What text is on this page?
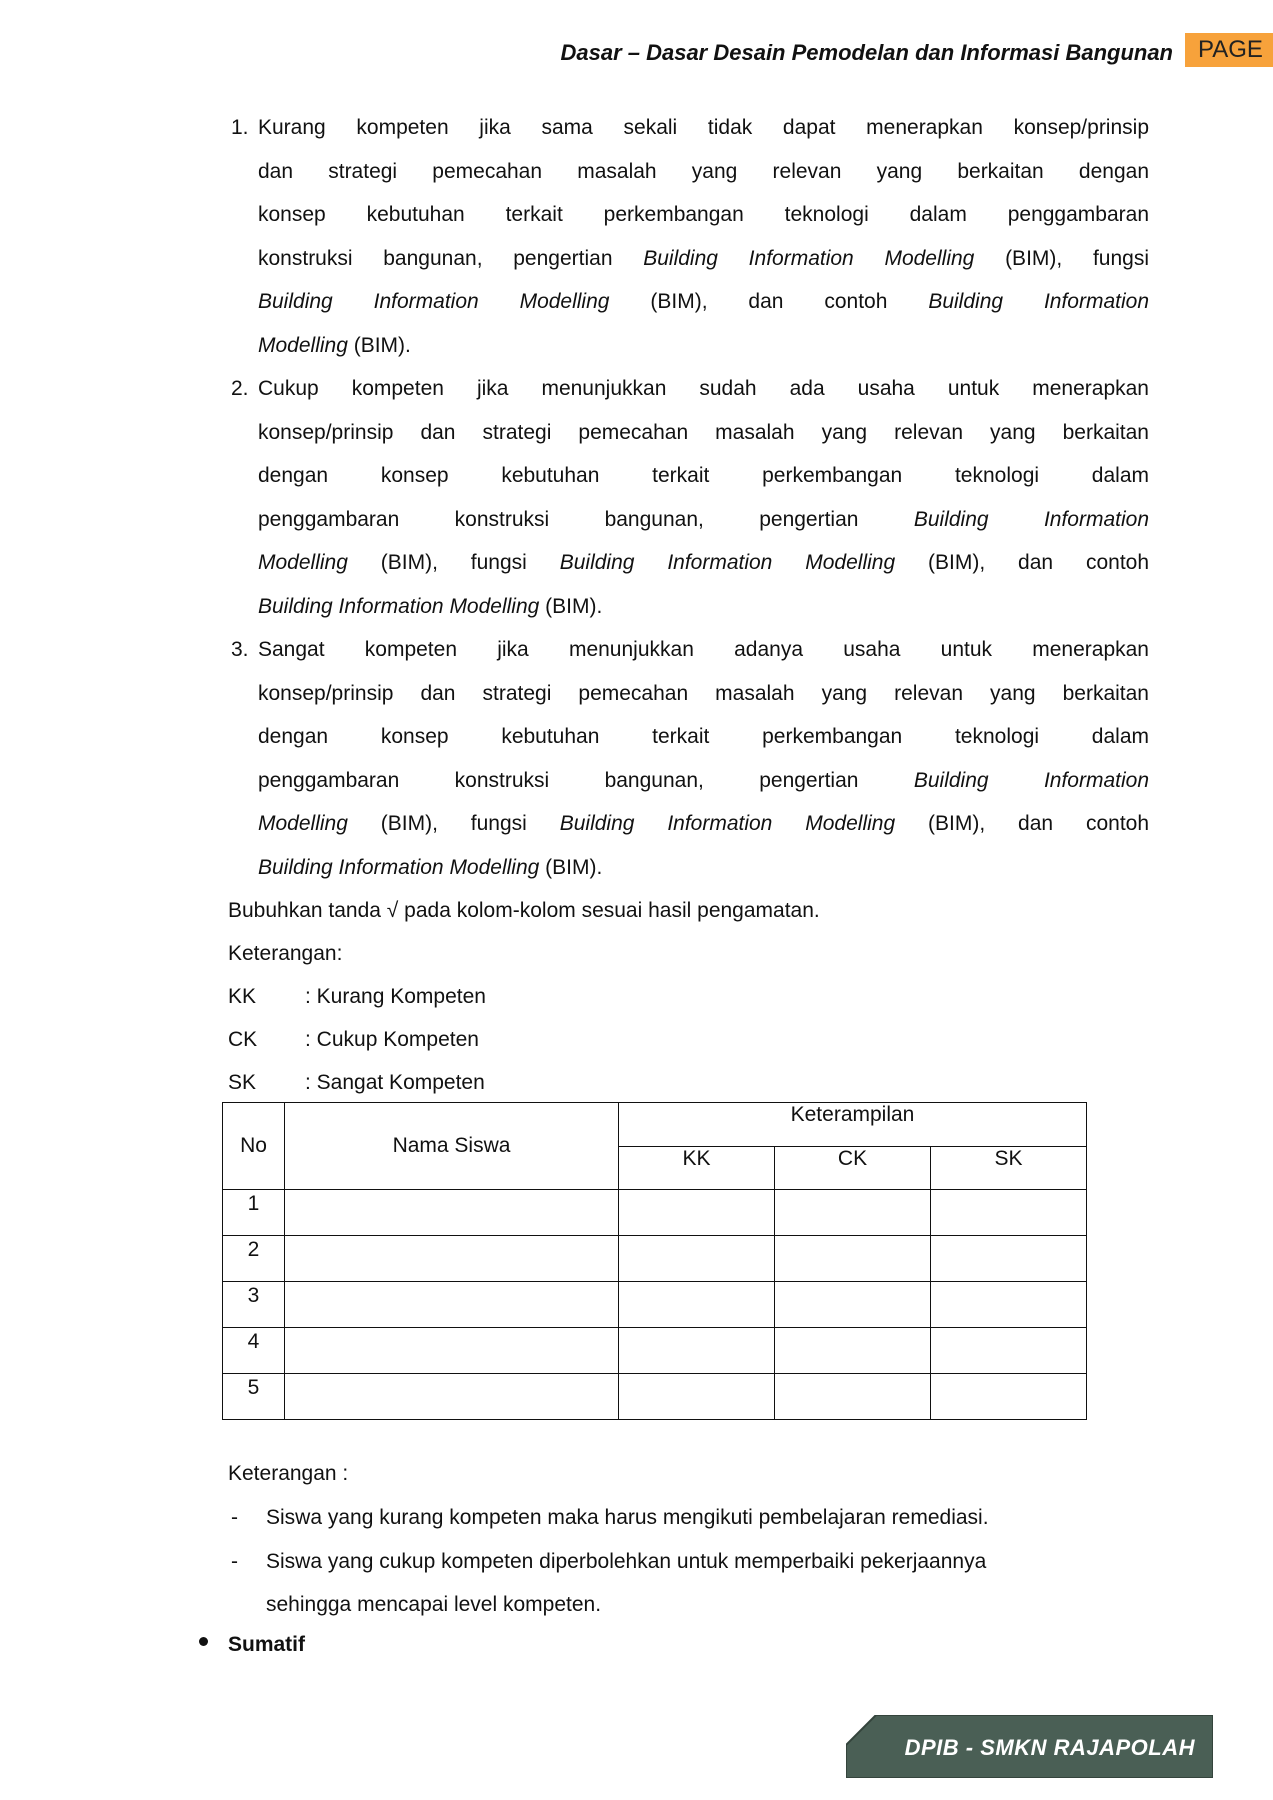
Dasar – Dasar Desain Pemodelan dan Informasi Bangunan	PAGE
1. Kurang kompeten jika sama sekali tidak dapat menerapkan konsep/prinsip
dan strategi pemecahan masalah yang relevan yang berkaitan dengan
konsep kebutuhan terkait perkembangan teknologi dalam penggambaran
konstruksi bangunan, pengertian Building Information Modelling (BIM), fungsi
Building Information Modelling (BIM), dan contoh Building Information
Modelling (BIM).
2. Cukup kompeten jika menunjukkan sudah ada usaha untuk menerapkan
konsep/prinsip dan strategi pemecahan masalah yang relevan yang berkaitan
dengan konsep kebutuhan terkait perkembangan teknologi dalam
penggambaran konstruksi bangunan, pengertian Building Information
Modelling (BIM), fungsi Building Information Modelling (BIM), dan contoh
Building Information Modelling (BIM).
3. Sangat kompeten jika menunjukkan adanya usaha untuk menerapkan
konsep/prinsip dan strategi pemecahan masalah yang relevan yang berkaitan
dengan konsep kebutuhan terkait perkembangan teknologi dalam
penggambaran konstruksi bangunan, pengertian Building Information
Modelling (BIM), fungsi Building Information Modelling (BIM), dan contoh
Building Information Modelling (BIM).
Bubuhkan tanda √ pada kolom-kolom sesuai hasil pengamatan.
Keterangan:
KK : Kurang Kompeten
CK : Cukup Kompeten
SK : Sangat Kompeten
No	Nama Siswa	Keterampilan		
		KK	CK	SK
1				
2				
3				
4				
5				
Keterangan :
- Siswa yang kurang kompeten maka harus mengikuti pembelajaran remediasi.
- Siswa yang cukup kompeten diperbolehkan untuk memperbaiki pekerjaannya
sehingga mencapai level kompeten.
Sumatif
DPIB - SMKN RAJAPOLAH
